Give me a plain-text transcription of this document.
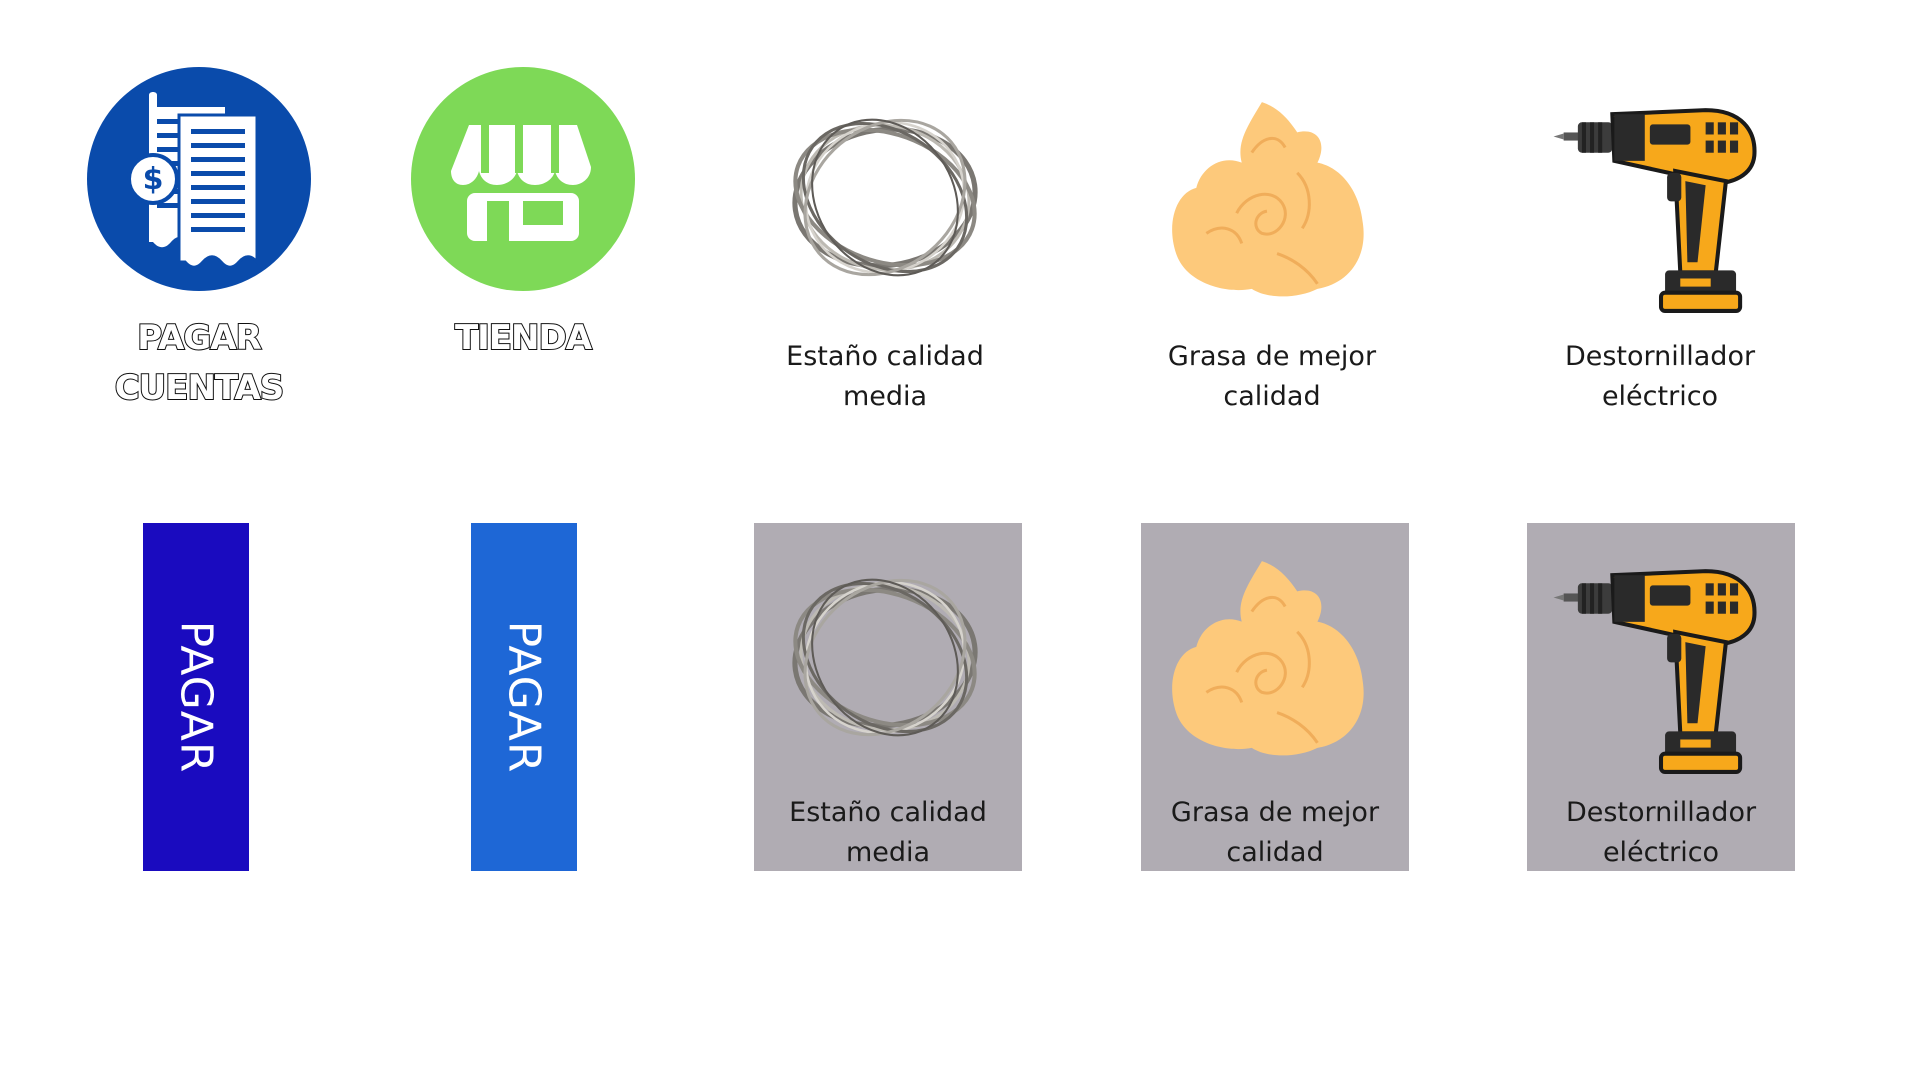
$
PAGAR
CUENTAS
TIENDA	Estaño calidad
media
Grasa de mejor
calidad
Destornillador
eléctrico
PAGAR	PAGAR
Estaño calidad
media
Grasa de mejor
calidad
Destornillador
eléctrico
